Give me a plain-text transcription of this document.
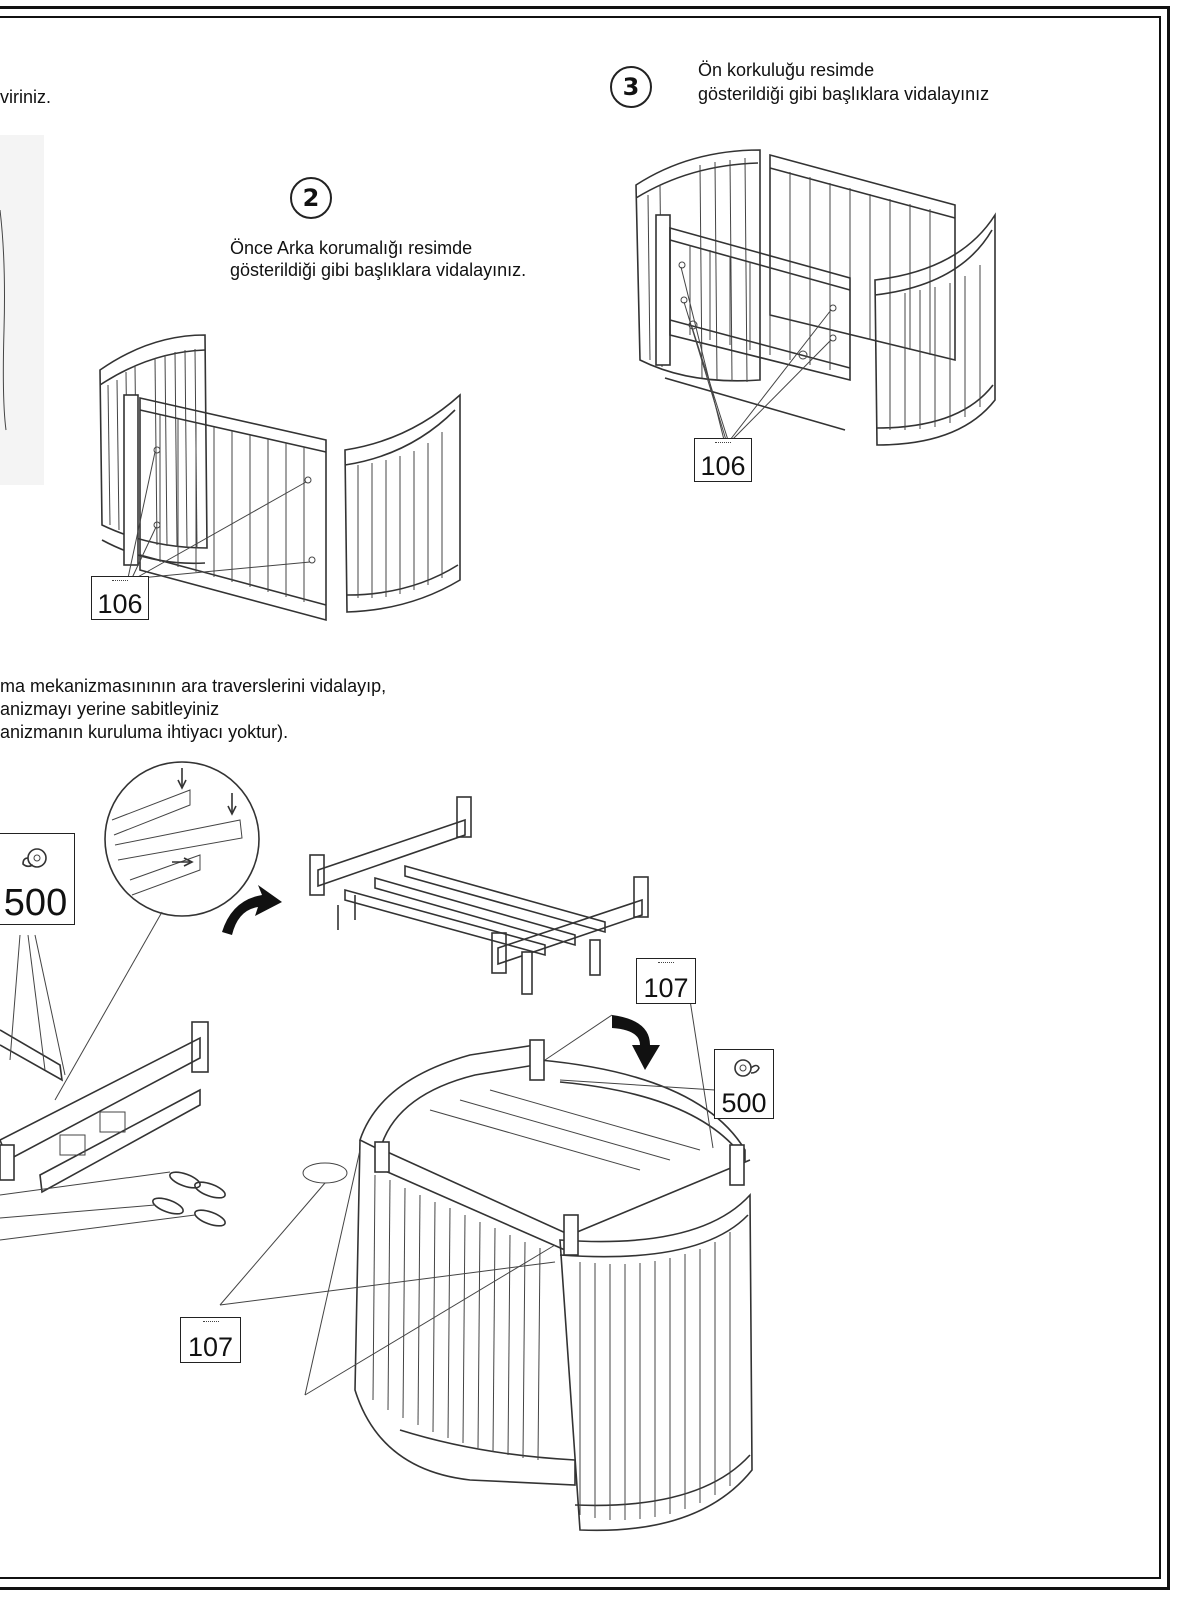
viriniz.
2
Önce Arka korumalığı resimde
gösterildiği gibi başlıklara vidalayınız.
3
Ön korkuluğu resimde
gösterildiği gibi başlıklara vidalayınız
ma mekanizmasınının ara traverslerini vidalayıp,
anizmayı yerine sabitleyiniz
anizmanın kuruluma ihtiyacı yoktur).
106
106
107
107
500
500
